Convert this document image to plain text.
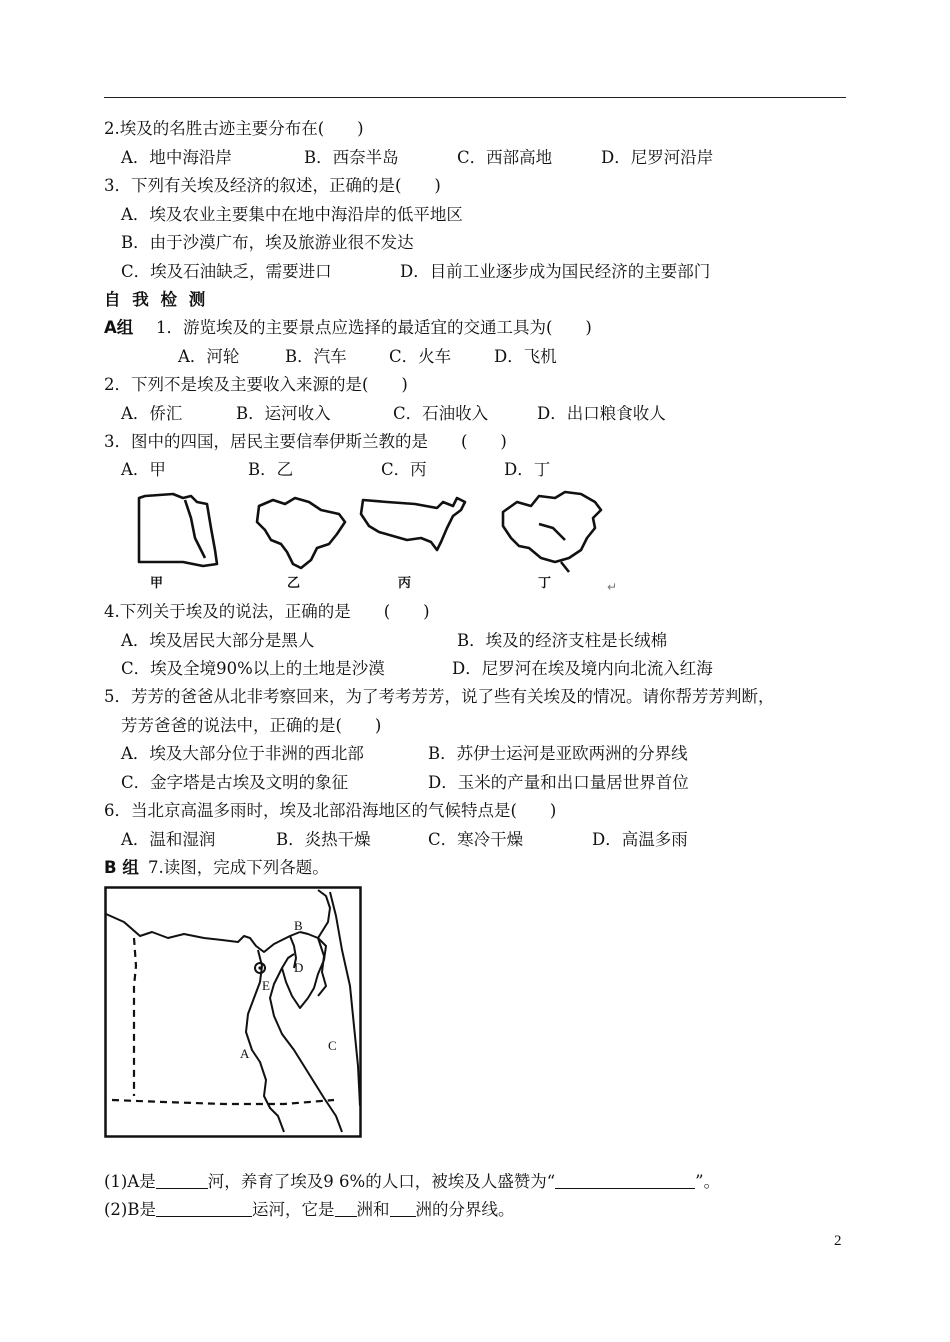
2.埃及的名胜古迹主要分布在(　　)
A．地中海沿岸	B．西奈半岛	C．西部高地	D．尼罗河沿岸
3．下列有关埃及经济的叙述，正确的是(　　)
A．埃及农业主要集中在地中海沿岸的低平地区
B．由于沙漠广布，埃及旅游业很不发达
C．埃及石油缺乏，需要进口	D．目前工业逐步成为国民经济的主要部门
自 我 检 测
A组 1．游览埃及的主要景点应选择的最适宜的交通工具为(　　)
A．河轮	B．汽车	C．火车	D．飞机
2．下列不是埃及主要收入来源的是(　　)
A．侨汇	B．运河收入	C．石油收入	D．出口粮食收人
3．图中的四国，居民主要信奉伊斯兰教的是　　(　　)
A．甲	B．乙	C．丙	D．丁
甲	乙	丙	丁	↵
4.下列关于埃及的说法，正确的是　　(　　)
A．埃及居民大部分是黑人	B．埃及的经济支柱是长绒棉
C．埃及全境90%以上的土地是沙漠	D．尼罗河在埃及境内向北流入红海
5．芳芳的爸爸从北非考察回来，为了考考芳芳，说了些有关埃及的情况。请你帮芳芳判断，
芳芳爸爸的说法中，正确的是(　　)
A．埃及大部分位于非洲的西北部	B．苏伊士运河是亚欧两洲的分界线
C．金字塔是古埃及文明的象征	D．玉米的产量和出口量居世界首位
6．当北京高温多雨时，埃及北部沿海地区的气候特点是(　　)
A．温和湿润	B．炎热干燥	C．寒冷干燥	D．高温多雨
B 组 7.读图，完成下列各题。
A
B
C
D
E
(1)A是	河，养育了埃及9 6%的人口，被埃及人盛赞为“	”。
(2)B是	运河，它是 洲和 洲的分界线。
2
